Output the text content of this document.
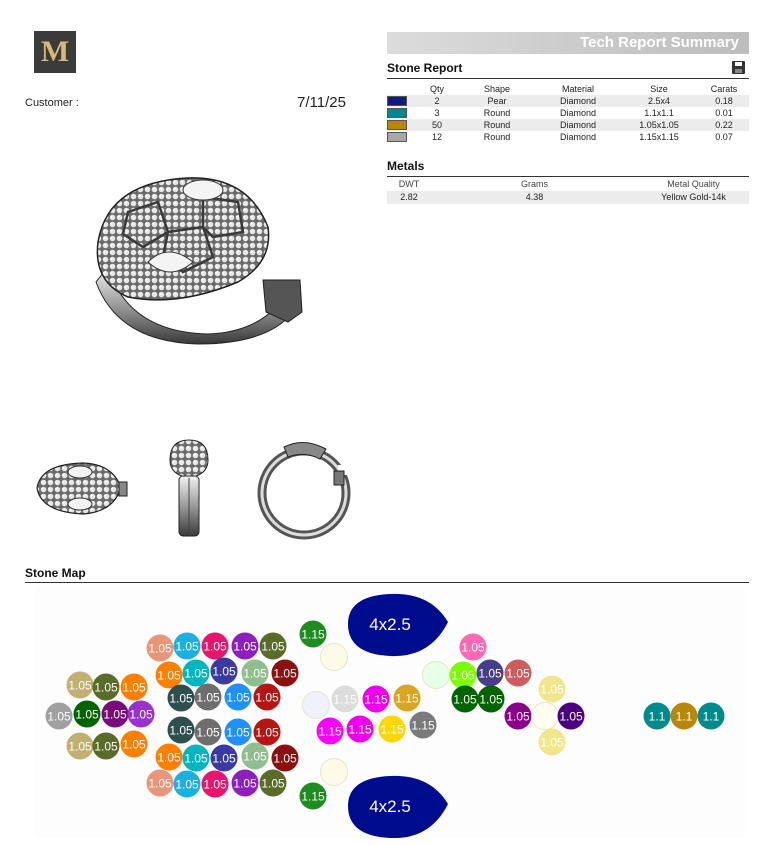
M
Customer :	7/11/25
Tech Report Summary
Stone Report
Qty	Shape	Material	Size	Carats
2	Pear	Diamond	2.5x4	0.18
3	Round	Diamond	1.1x1.1	0.01
50	Round	Diamond	1.05x1.05	0.22
12	Round	Diamond	1.15x1.15	0.07
Metals
DWT	Grams	Metal Quality
2.82	4.38	Yellow Gold-14k
Stone Map
4x2.5
4x2.5
1.05 1.05 1.05 1.05 1.05
1.05 1.05 1.05 1.05 1.05
1.05 1.05 1.05
1.05 1.05 1.05 1.05
1.05 1.05 1.05 1.05
1.05 1.05 1.05 1.05
1.05 1.05 1.05
1.05 1.05 1.05 1.05 1.05
1.05 1.05 1.05 1.05 1.05
1.15
1.15
1.15 1.15 1.15
1.15 1.15 1.15 1.15
1.05
1.05 1.05 1.05
1.05 1.05
1.05
1.05 1.05
1.05
1.1 1.1 1.1
